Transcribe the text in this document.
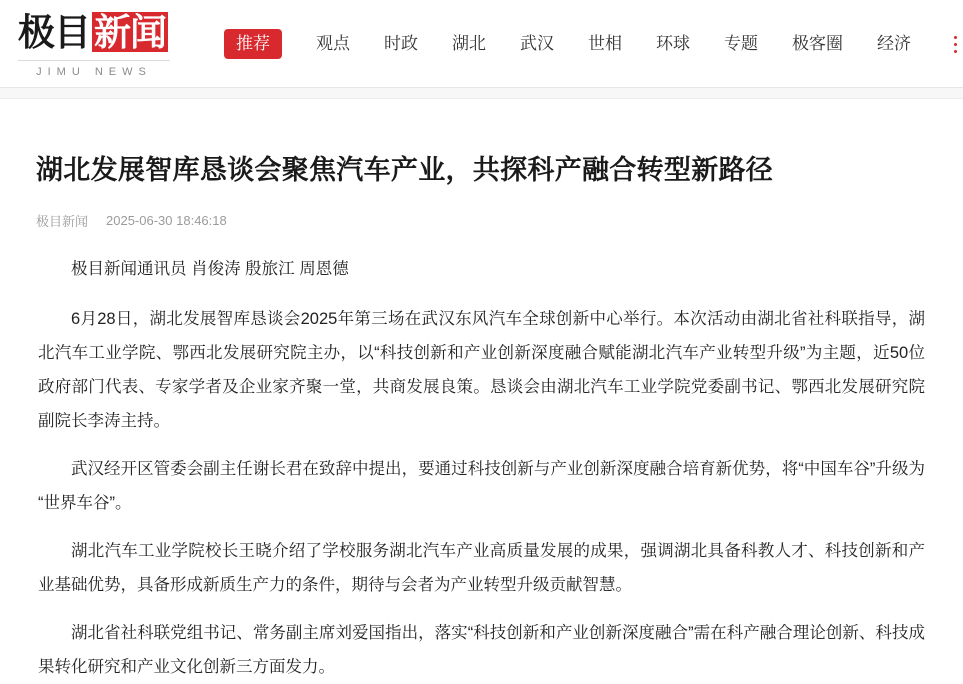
极目 新闻
JIMU NEWS
推荐	观点 时政 湖北 武汉 世相 环球 专题 极客圈 经济
湖北发展智库恳谈会聚焦汽车产业，共探科产融合转型新路径
极目新闻 2025-06-30 18:46:18

极目新闻通讯员 肖俊涛 殷旅江 周恩德

6月28日，湖北发展智库恳谈会2025年第三场在武汉东风汽车全球创新中心举行。本次活动由湖北省社科联指导，湖北汽车工业学院、鄂西北发展研究院主办，以“科技创新和产业创新深度融合赋能湖北汽车产业转型升级”为主题，近50位政府部门代表、专家学者及企业家齐聚一堂，共商发展良策。恳谈会由湖北汽车工业学院党委副书记、鄂西北发展研究院副院长李涛主持。

武汉经开区管委会副主任谢长君在致辞中提出，要通过科技创新与产业创新深度融合培育新优势，将“中国车谷”升级为“世界车谷”。

湖北汽车工业学院校长王晓介绍了学校服务湖北汽车产业高质量发展的成果，强调湖北具备科教人才、科技创新和产业基础优势，具备形成新质生产力的条件，期待与会者为产业转型升级贡献智慧。

湖北省社科联党组书记、常务副主席刘爱国指出，落实“科技创新和产业创新深度融合”需在科产融合理论创新、科技成果转化研究和产业文化创新三方面发力。
